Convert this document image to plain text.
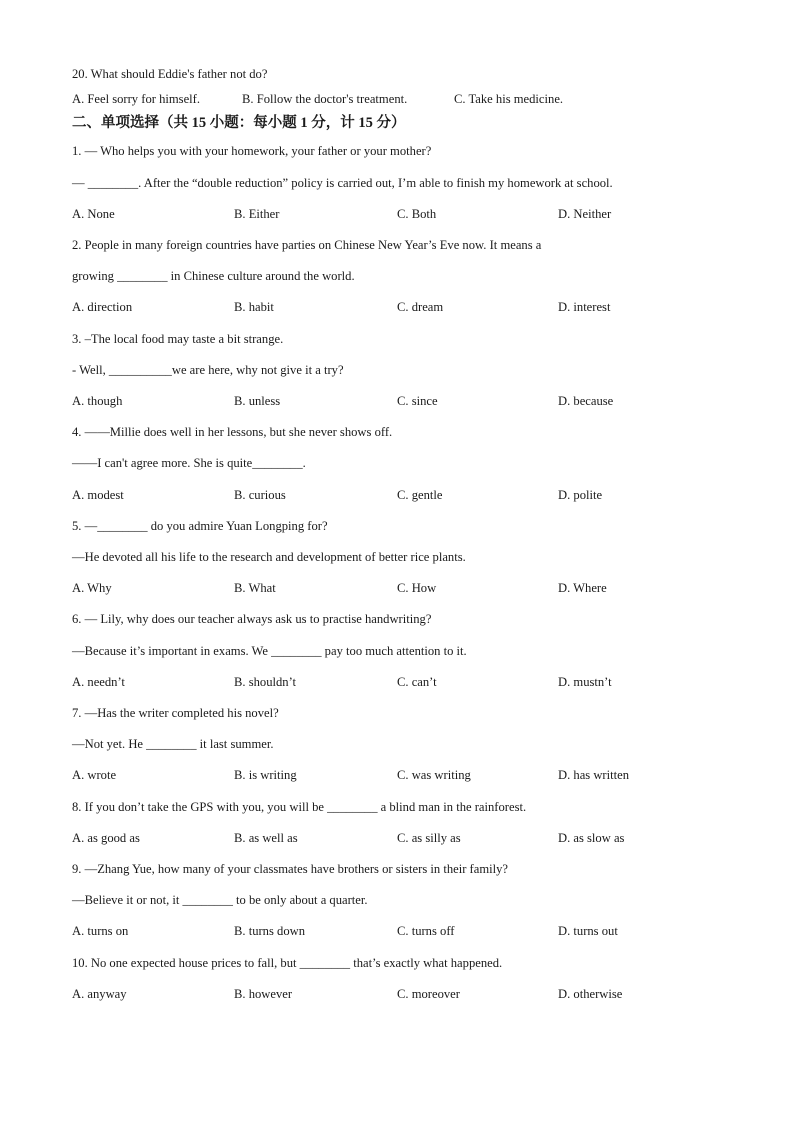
20. What should Eddie's father not do?
A. Feel sorry for himself.	B. Follow the doctor's treatment.	C. Take his medicine.
二、单项选择（共 15 小题：每小题 1 分，计 15 分）
1. — Who helps you with your homework, your father or your mother?
— ________. After the “double reduction” policy is carried out, I’m able to finish my homework at school.
A. None	B. Either	C. Both	D. Neither
2. People in many foreign countries have parties on Chinese New Year’s Eve now. It means a
growing ________ in Chinese culture around the world.
A. direction	B. habit	C. dream	D. interest
3. –The local food may taste a bit strange.
- Well, __________we are here, why not give it a try?
A. though	B. unless	C. since	D. because
4. ——Millie does well in her lessons, but she never shows off.
——I can't agree more. She is quite________.
A. modest	B. curious	C. gentle	D. polite
5. —________ do you admire Yuan Longping for?
—He devoted all his life to the research and development of better rice plants.
A. Why	B. What	C. How	D. Where
6. — Lily, why does our teacher always ask us to practise handwriting?
—Because it’s important in exams. We ________ pay too much attention to it.
A. needn’t	B. shouldn’t	C. can’t	D. mustn’t
7. —Has the writer completed his novel?
—Not yet. He ________ it last summer.
A. wrote	B. is writing	C. was writing	D. has written
8. If you don’t take the GPS with you, you will be ________ a blind man in the rainforest.
A. as good as	B. as well as	C. as silly as	D. as slow as
9. —Zhang Yue, how many of your classmates have brothers or sisters in their family?
—Believe it or not, it ________ to be only about a quarter.
A. turns on	B. turns down	C. turns off	D. turns out
10. No one expected house prices to fall, but ________ that’s exactly what happened.
A. anyway	B. however	C. moreover	D. otherwise
